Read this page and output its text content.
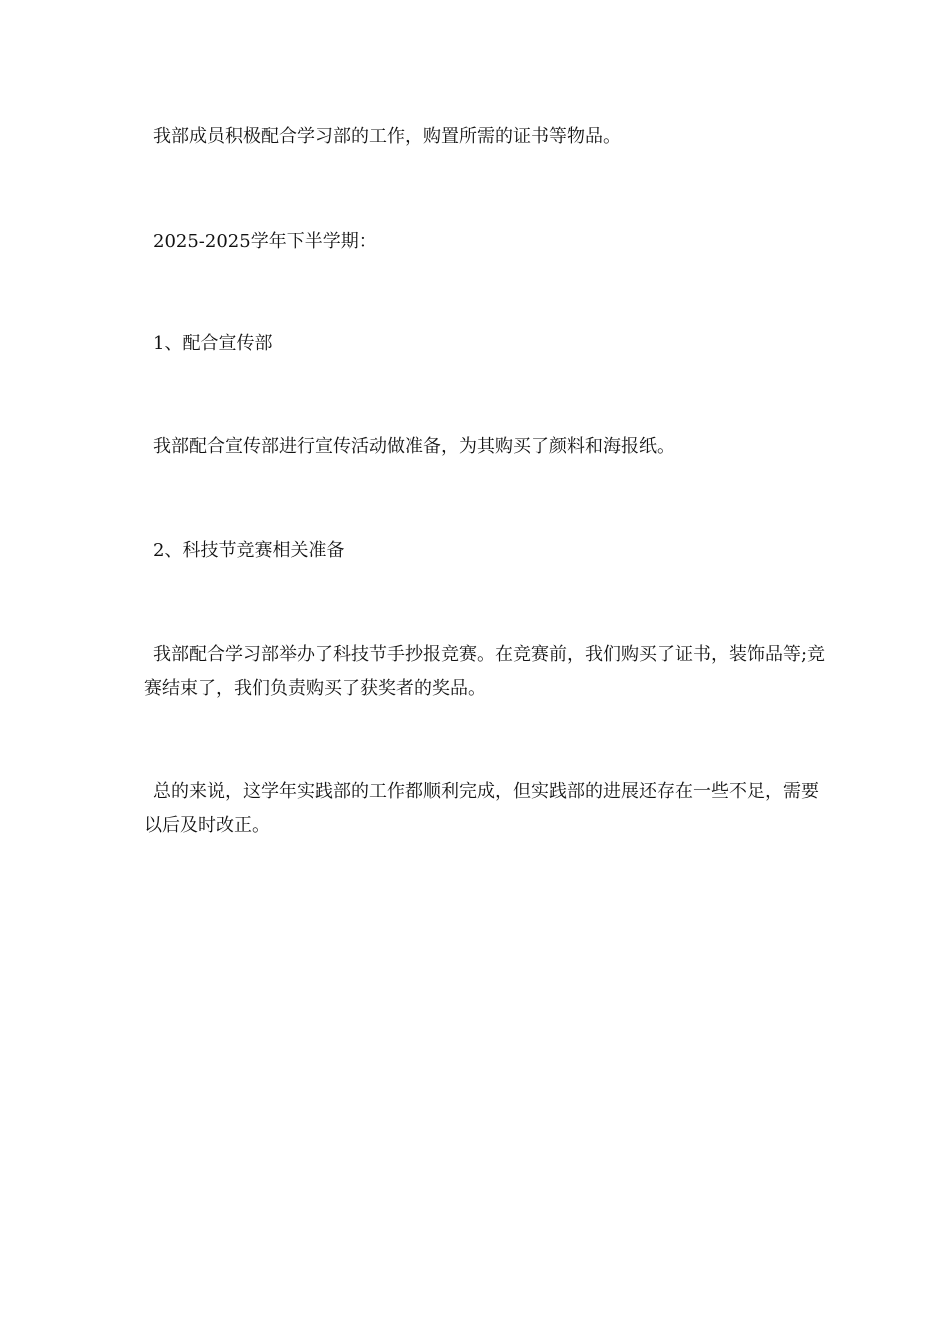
我部成员积极配合学习部的工作，购置所需的证书等物品。

2025-2025学年下半学期：

1、配合宣传部

我部配合宣传部进行宣传活动做准备，为其购买了颜料和海报纸。

2、科技节竞赛相关准备

我部配合学习部举办了科技节手抄报竞赛。在竞赛前，我们购买了证书，装饰品等;竞赛结束了，我们负责购买了获奖者的奖品。

总的来说，这学年实践部的工作都顺利完成，但实践部的进展还存在一些不足，需要以后及时改正。
